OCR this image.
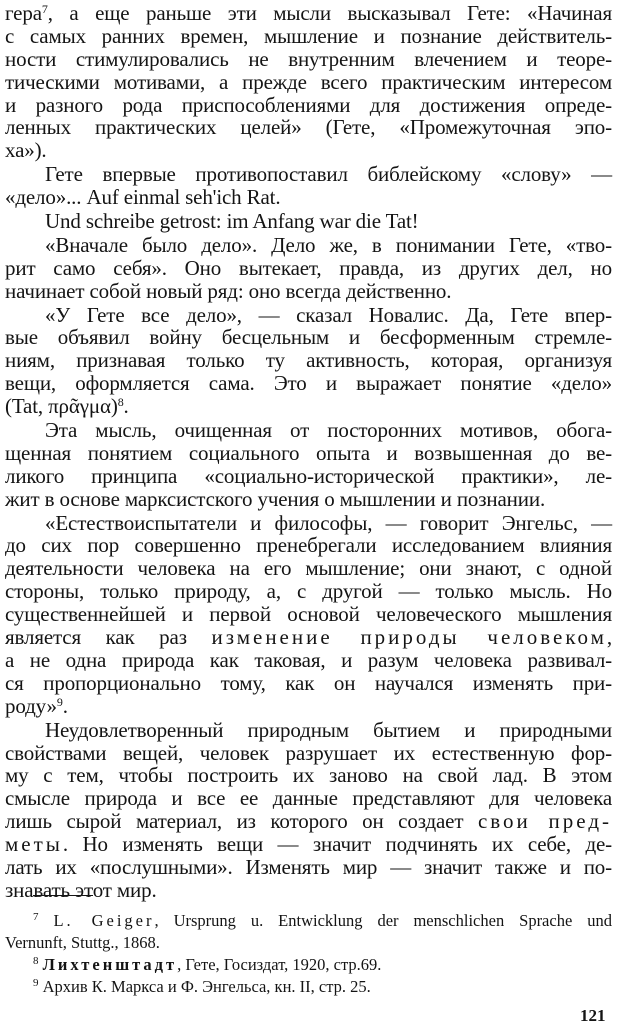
гера$^7$, а еще раньше эти мысли высказывал Гете: «Начиная
с самых ранних времен, мышление и познание действитель-
ности стимулировались не внутренним влечением и теоре-
тическими мотивами, а прежде всего практическим интересом
и разного рода приспособлениями для достижения опреде-
ленных практических целей» (Гете, «Промежуточная эпо-
ха»).
Гете впервые противопоставил библейскому «слову» —
«дело»... Auf einmal seh'ich Rat.
Und schreibe getrost: im Anfang war die Tat!
«Вначале было дело». Дело же, в понимании Гете, «тво-
рит само себя». Оно вытекает, правда, из других дел, но
начинает собой новый ряд: оно всегда действенно.
«У Гете все дело», — сказал Новалис. Да, Гете впер-
вые объявил войну бесцельным и бесформенным стремле-
ниям, признавая только ту активность, которая, организуя
вещи, оформляется сама. Это и выражает понятие «дело»
(Tat, πρᾶγμα)$^8$.
Эта мысль, очищенная от посторонних мотивов, обога-
щенная понятием социального опыта и возвышенная до ве-
ликого принципа «социально-исторической практики», ле-
жит в основе марксистского учения о мышлении и познании.
«Естествоиспытатели и философы, — говорит Энгельс, —
до сих пор совершенно пренебрегали исследованием влияния
деятельности человека на его мышление; они знают, с одной
стороны, только природу, а, с другой — только мысль. Но
существеннейшей и первой основой человеческого мышления
является как раз изменение природы человеком,
а не одна природа как таковая, и разум человека развивал-
ся пропорционально тому, как он научался изменять при-
роду»$^9$.
Неудовлетворенный природным бытием и природными
свойствами вещей, человек разрушает их естественную фор-
му с тем, чтобы построить их заново на свой лад. В этом
смысле природа и все ее данные представляют для человека
лишь сырой материал, из которого он создает свои пред-
меты. Но изменять вещи — значит подчинять их себе, де-
лать их «послушными». Изменять мир — значит также и по-
знавать этот мир.
$^7$ L. Geiger, Ursprung u. Entwicklung der menschlichen Sprache und
Vernunft, Stuttg., 1868.
$^8$ Лихтенштадт, Гете, Госиздат, 1920, стр.69.
$^9$ Архив К. Маркса и Ф. Энгельса, кн. II, стр. 25.
121
